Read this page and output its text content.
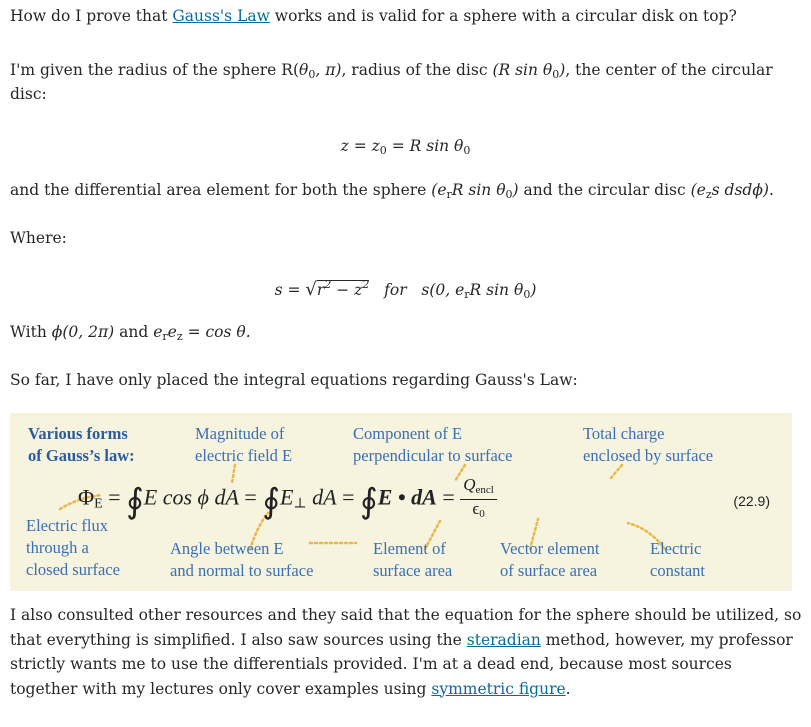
How do I prove that Gauss's Law works and is valid for a sphere with a circular disk on top?
I'm given the radius of the sphere $R(\theta_0$, π), radius of the disc (R $\sin \theta_0$), the center of the circular
disc:
$z = z_0 = R$ $\sin \theta_0$
and the differential area element for both the sphere ($e_rR$ $\sin \theta_0$) and the circular disc ($e_zs$ dsdϕ).
Where:
$s = √r^2 - z^2$ for s(0, $e_rR$ $\sin \theta_0$)
With ϕ(0, 2π) and $e_re_z = \cos \theta$.
So far, I have only placed the integral equations regarding Gauss's Law:
Various forms
of Gauss’s law:
Magnitude of
electric field E
Component of E
perpendicular to surface
Total charge
enclosed by surface
$\Phi_E$ = ∮E cos ϕ dA = $∮E_\perp$ dA = ∮E • dA = $\frac{Q_{encl}}{\epsilon_0}$	(22.9)
Electric flux
through a
closed surface
Angle between E
and normal to surface
Element of
surface area
Vector element
of surface area
Electric
constant
I also consulted other resources and they said that the equation for the sphere should be utilized, so that everything is simplified. I also saw sources using the steradian method, however, my professor strictly wants me to use the differentials provided. I'm at a dead end, because most sources together with my lectures only cover examples using symmetric figure.
